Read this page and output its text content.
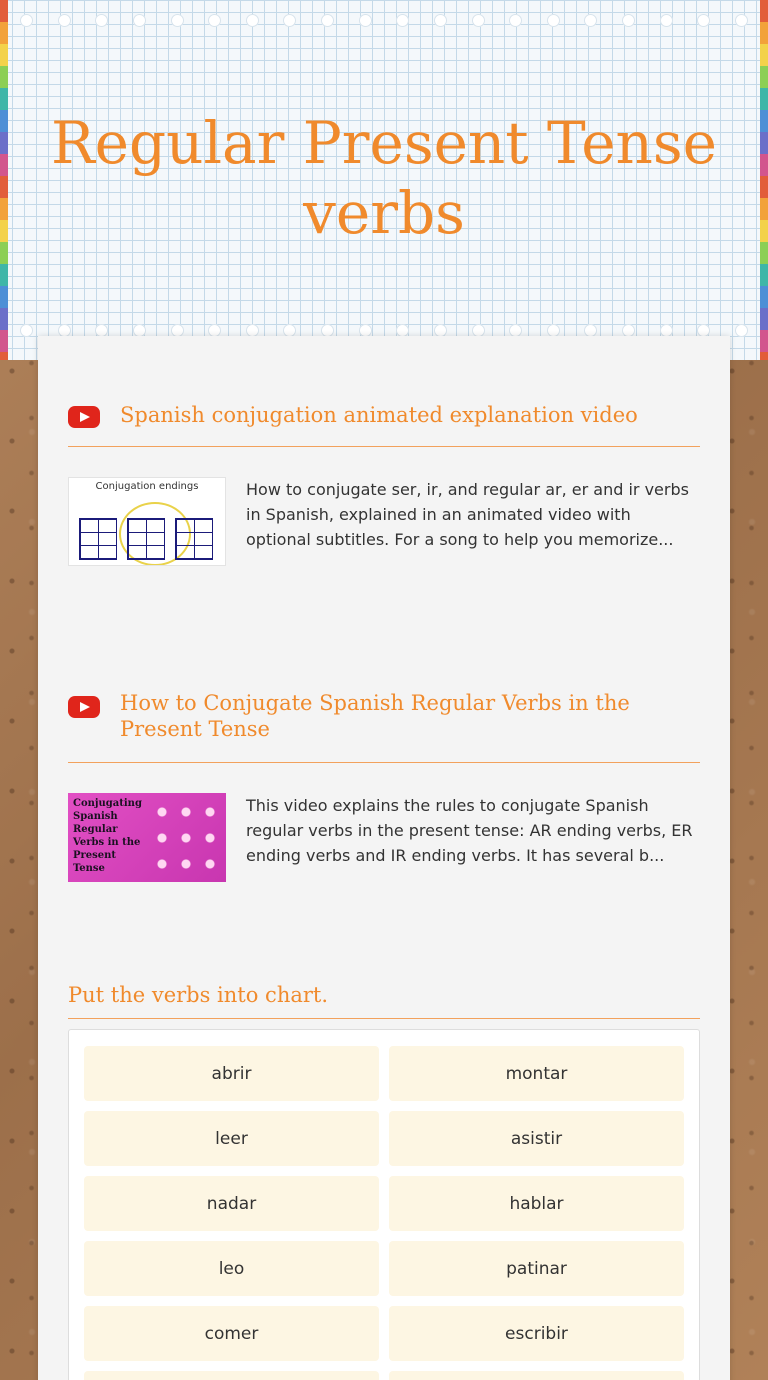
Regular Present Tense verbs
Spanish conjugation animated explanation video
Conjugation endings	How to conjugate ser, ir, and regular ar, er and ir verbs in Spanish, explained in an animated video with optional subtitles. For a song to help you memorize...

How to Conjugate Spanish Regular Verbs in the Present Tense
Conjugating Spanish Regular Verbs in the Present Tense

This video explains the rules to conjugate Spanish regular verbs in the present tense: AR ending verbs, ER ending verbs and IR ending verbs. It has several b...

Put the verbs into chart.
abrir	montar
leer	asistir
nadar	hablar
leo	patinar
comer	escribir
